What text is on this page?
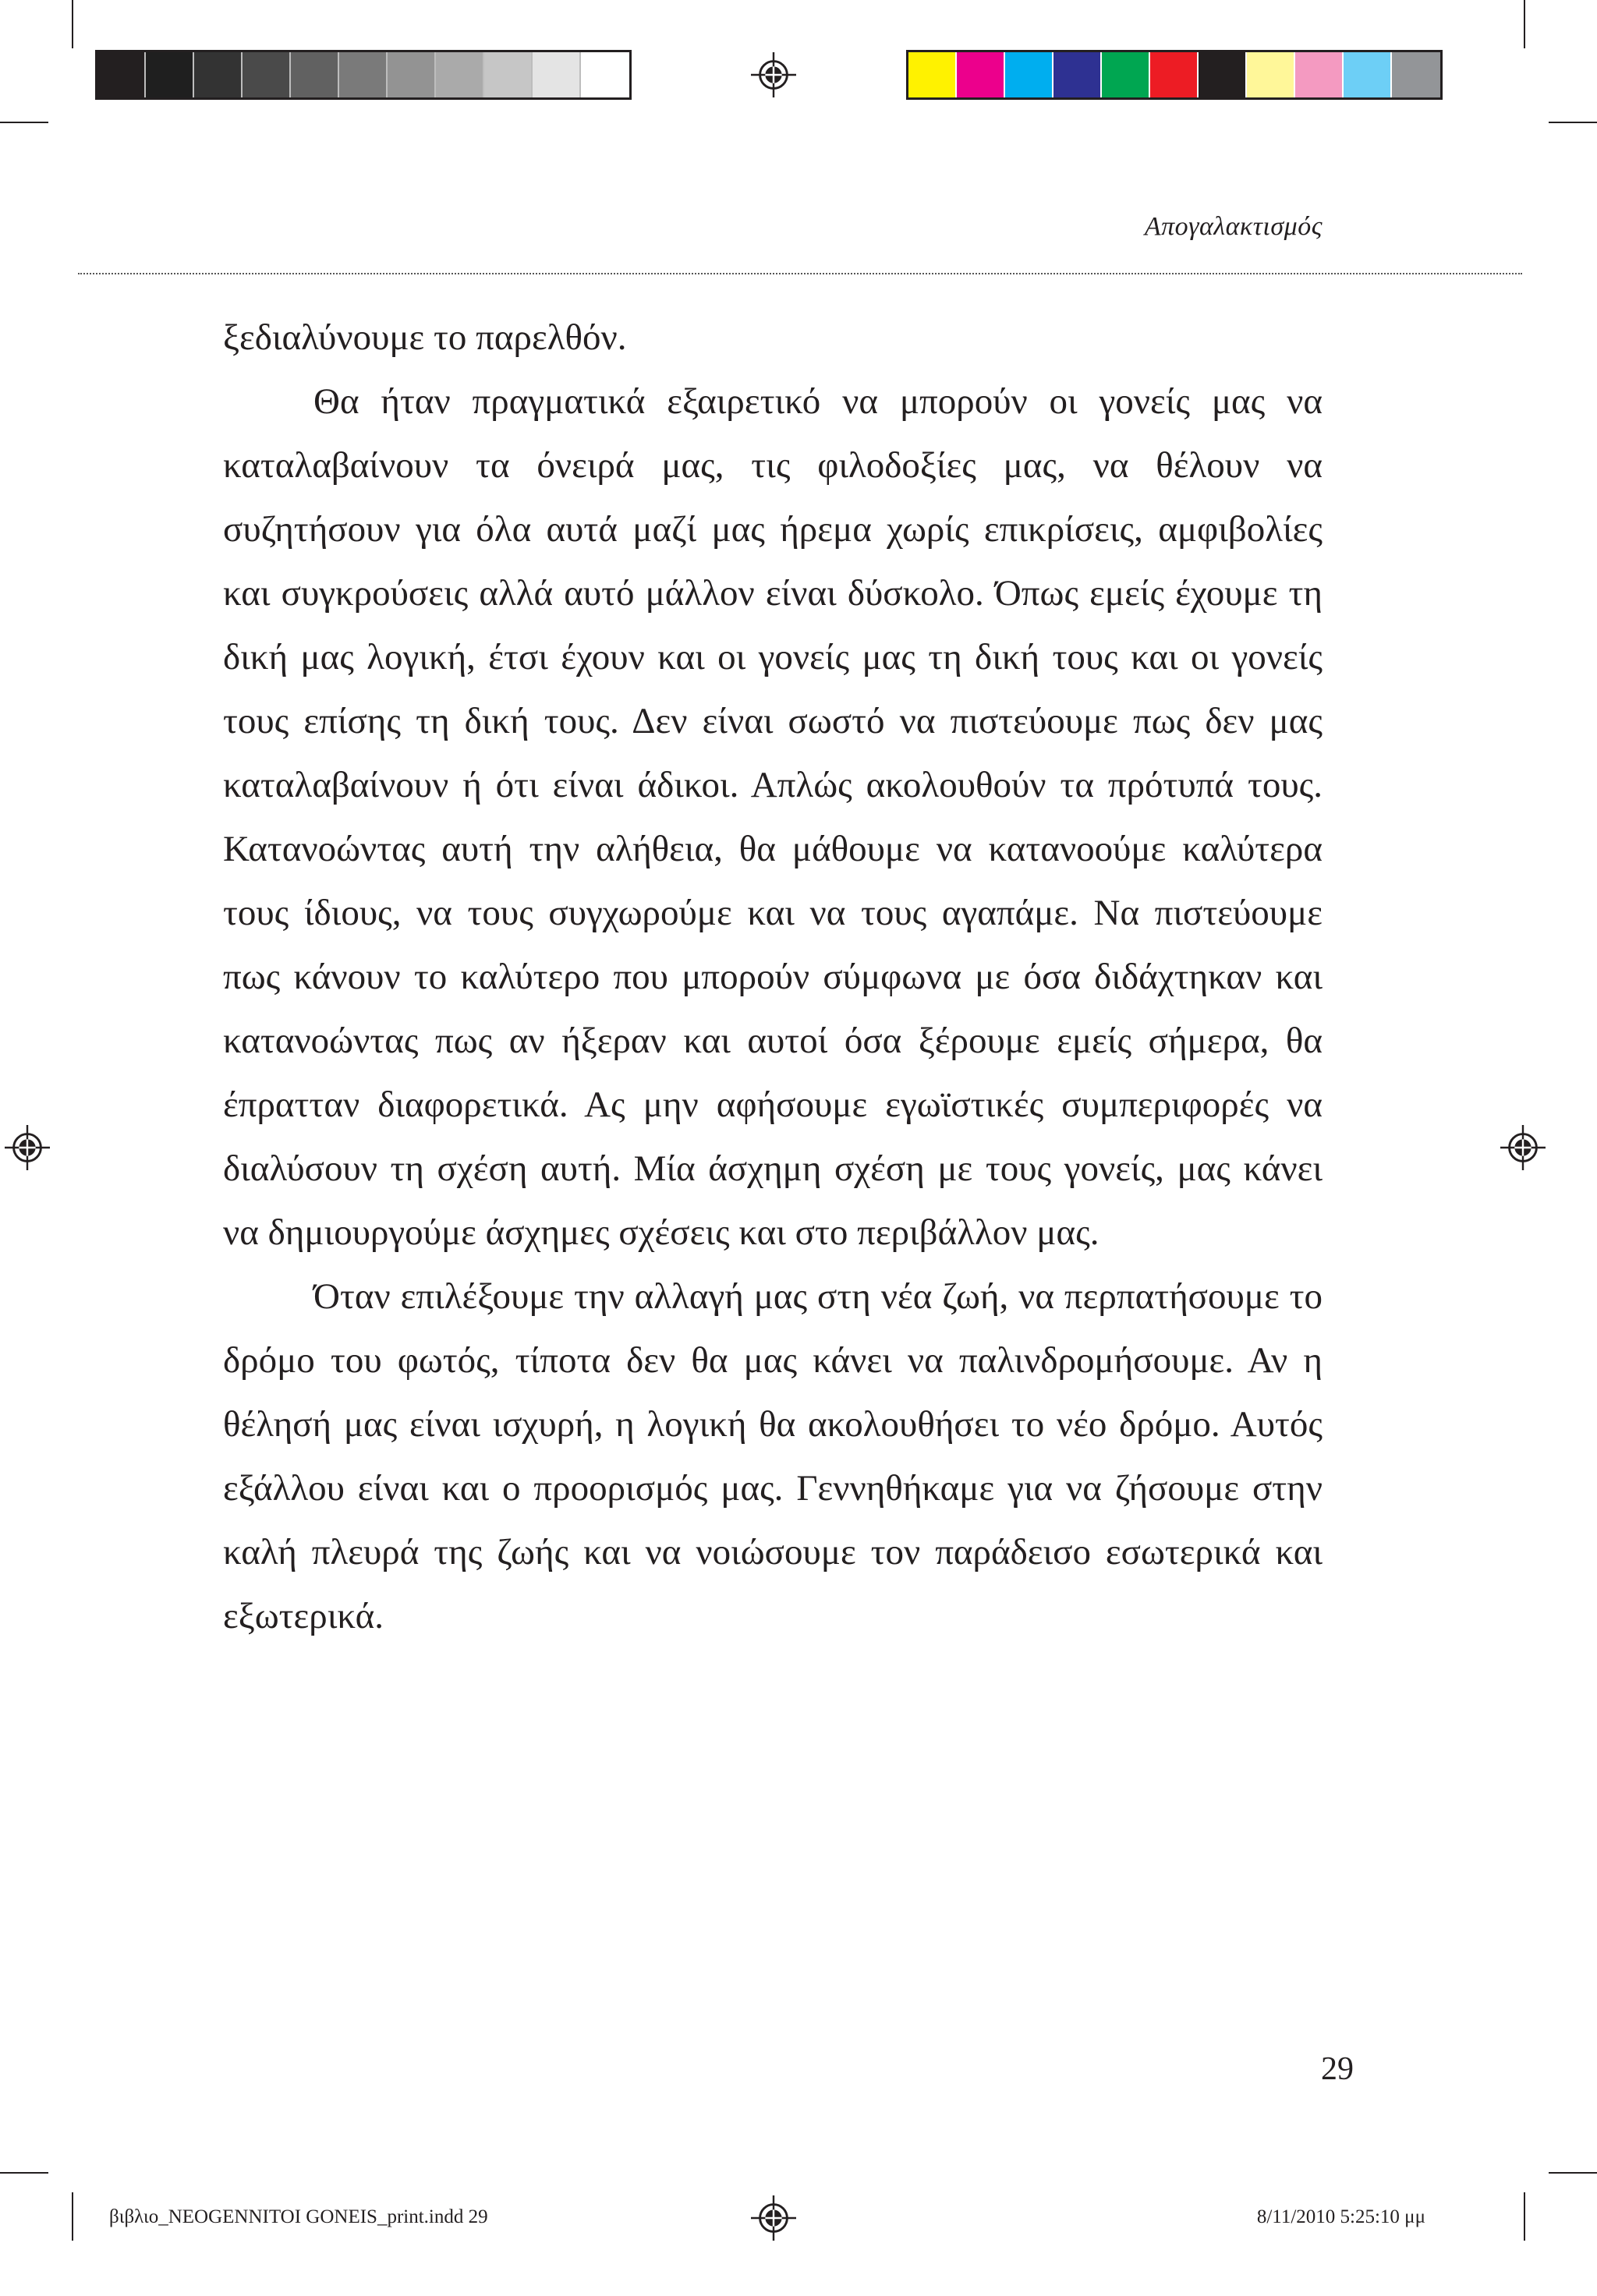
Απογαλακτισμός

ξεδιαλύνουμε το παρελθόν.

Θα ήταν πραγματικά εξαιρετικό να μπορούν οι γονείς μας να καταλαβαίνουν τα όνειρά μας, τις φιλοδοξίες μας, να θέλουν να συζητήσουν για όλα αυτά μαζί μας ήρεμα χωρίς επικρίσεις, αμφιβολίες και συγκρούσεις αλλά αυτό μάλλον είναι δύσκολο. Όπως εμείς έχουμε τη δική μας λογική, έτσι έχουν και οι γονείς μας τη δική τους και οι γονείς τους επίσης τη δική τους. Δεν είναι σωστό να πιστεύουμε πως δεν μας καταλαβαίνουν ή ότι είναι άδικοι. Απλώς ακολουθούν τα πρότυπά τους. Κατανοώντας αυτή την αλήθεια, θα μάθουμε να κατανοούμε καλύτερα τους ίδιους, να τους συγχωρούμε και να τους αγαπάμε. Να πιστεύουμε πως κάνουν το καλύτερο που μπορούν σύμφωνα με όσα διδάχτηκαν και κατανοώντας πως αν ήξεραν και αυτοί όσα ξέρουμε εμείς σήμερα, θα έπρατταν διαφορετικά. Ας μην αφήσουμε εγωϊστικές συμπεριφορές να διαλύσουν τη σχέση αυτή. Μία άσχημη σχέση με τους γονείς, μας κάνει να δημιουργούμε άσχημες σχέσεις και στο περιβάλλον μας.

Όταν επιλέξουμε την αλλαγή μας στη νέα ζωή, να περπατήσουμε το δρόμο του φωτός, τίποτα δεν θα μας κάνει να παλινδρομήσουμε. Αν η θέλησή μας είναι ισχυρή, η λογική θα ακολουθήσει το νέο δρόμο. Αυτός εξάλλου είναι και ο προορισμός μας. Γεννηθήκαμε για να ζήσουμε στην καλή πλευρά της ζωής και να νοιώσουμε τον παράδεισο εσωτερικά και εξωτερικά.

29
βιβλιο_NEOGENNITOI GONEIS_print.indd 29	8/11/2010 5:25:10 μμ
